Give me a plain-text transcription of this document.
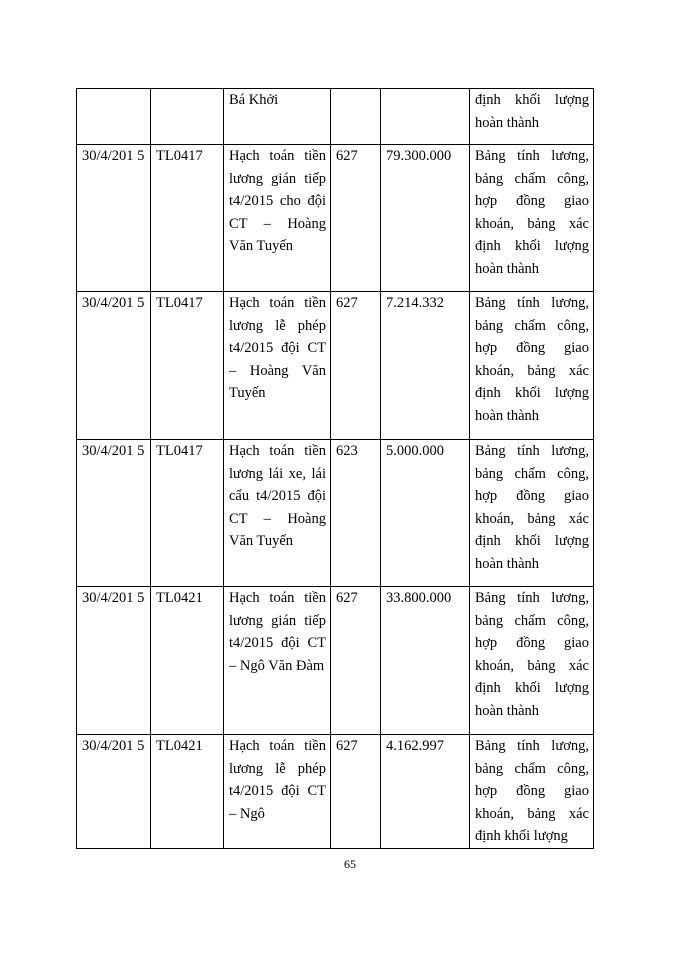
		Bá Khởi			định khối lượng hoàn thành
30/4/201 5	TL0417	Hạch toán tiền lương gián tiếp t4/2015 cho đội CT – Hoàng Văn Tuyến	627	79.300.000	Bảng tính lương, bảng chấm công, hợp đồng giao khoán, bảng xác định khối lượng hoàn thành
30/4/201 5	TL0417	Hạch toán tiền lương lễ phép t4/2015 đội CT – Hoàng Văn Tuyến	627	7.214.332	Bảng tính lương, bảng chấm công, hợp đồng giao khoán, bảng xác định khối lượng hoàn thành
30/4/201 5	TL0417	Hạch toán tiền lương lái xe, lái cẩu t4/2015 đội CT – Hoàng Văn Tuyến	623	5.000.000	Bảng tính lương, bảng chấm công, hợp đồng giao khoán, bảng xác định khối lượng hoàn thành
30/4/201 5	TL0421	Hạch toán tiền lương gián tiếp t4/2015 đội CT – Ngô Văn Đàm	627	33.800.000	Bảng tính lương, bảng chấm công, hợp đồng giao khoán, bảng xác định khối lượng hoàn thành
30/4/201 5	TL0421	Hạch toán tiền lương lễ phép t4/2015 đội CT – Ngô	627	4.162.997	Bảng tính lương, bảng chấm công, hợp đồng giao khoán, bảng xác định khối lượng
65
